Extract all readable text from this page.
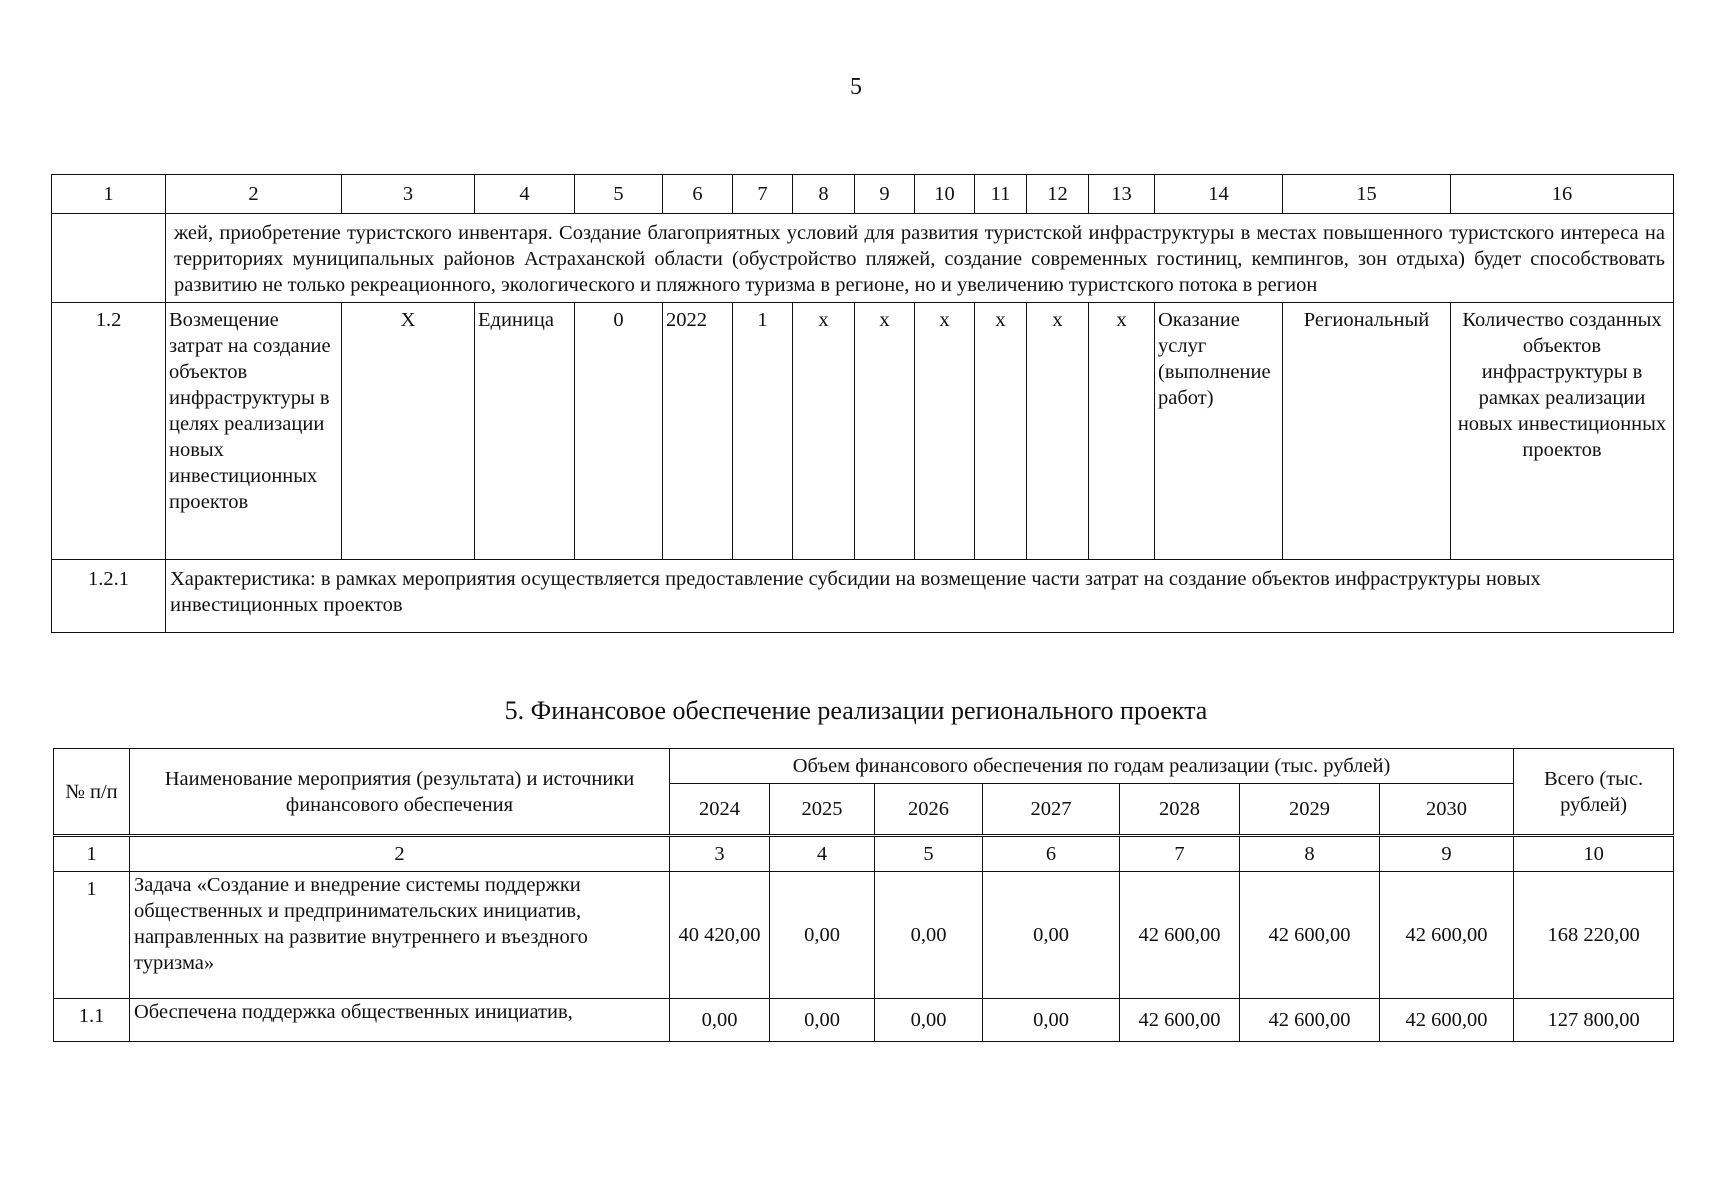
5
1	2	3	4	5	6	7	8	9	10	11	12	13	14	15	16
	жей, приобретение туристского инвентаря. Создание благоприятных условий для развития туристской инфраструктуры в местах повышенного туристского интереса на территориях муниципальных районов Астраханской области (обустройство пляжей, создание современных гостиниц, кемпингов, зон отдыха) будет способствовать развитию не только рекреационного, экологического и пляжного туризма в регионе, но и увеличению туристского потока в регион														
1.2	Возмещение затрат на создание объектов инфраструктуры в целях реализации новых инвестиционных проектов	Х	Единица	0	2022	1	х	х	х	х	х	х	Оказание услуг (выполнение работ)	Региональный	Количество созданных объектов инфраструктуры в рамках реализации новых инвестиционных проектов
1.2.1	Характеристика: в рамках мероприятия осуществляется предоставление субсидии на возмещение части затрат на создание объектов инфраструктуры новых инвестиционных проектов														
5. Финансовое обеспечение реализации регионального проекта
№ п/п	Наименование мероприятия (результата) и источники финансового обеспечения	Объем финансового обеспечения по годам реализации (тыс. рублей)							Всего (тыс. рублей)
		2024	2025	2026	2027	2028	2029	2030	
1	2	3	4	5	6	7	8	9	10
1	Задача «Создание и внедрение системы поддержки общественных и предпринимательских инициатив, направленных на развитие внутреннего и въездного туризма»	40 420,00	0,00	0,00	0,00	42 600,00	42 600,00	42 600,00	168 220,00
1.1	Обеспечена поддержка общественных инициатив,	0,00	0,00	0,00	0,00	42 600,00	42 600,00	42 600,00	127 800,00
